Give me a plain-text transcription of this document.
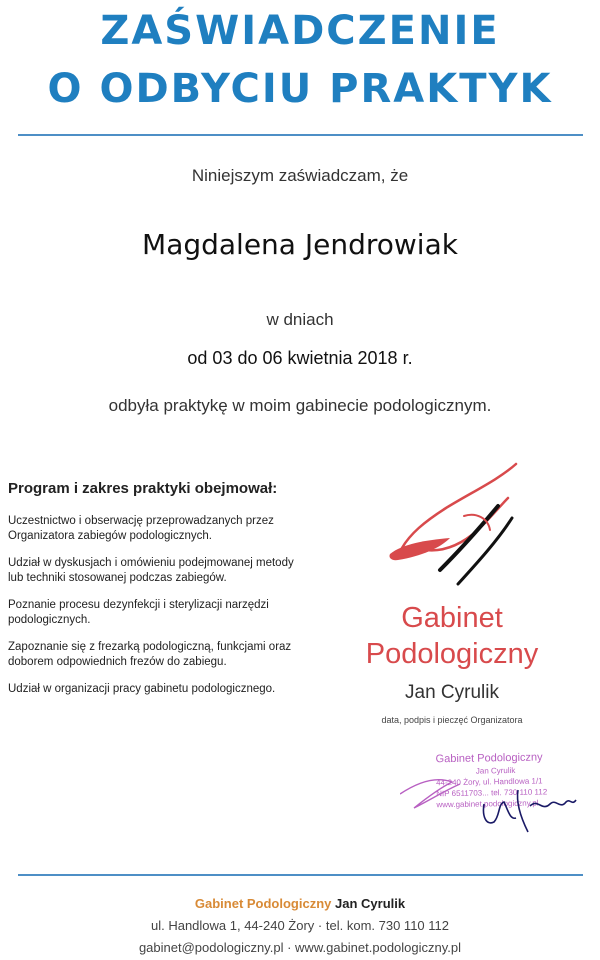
ZAŚWIADCZENIE
O ODBYCIU PRAKTYK
Niniejszym zaświadczam, że
Magdalena Jendrowiak
w dniach
od 03 do 06 kwietnia 2018 r.
odbyła praktykę w moim gabinecie podologicznym.
Program i zakres praktyki obejmował:
Uczestnictwo i obserwację przeprowadzanych przez Organizatora zabiegów podologicznych.
Udział w dyskusjach i omówieniu podejmowanej metody lub techniki stosowanej podczas zabiegów.
Poznanie procesu dezynfekcji i sterylizacji narzędzi podologicznych.
Zapoznanie się z frezarką podologiczną, funkcjami oraz doborem odpowiednich frezów do zabiegu.
Udział w organizacji pracy gabinetu podologicznego.
Gabinet
Podologiczny
Jan Cyrulik
data, podpis i pieczęć Organizatora
Gabinet Podologiczny
Jan Cyrulik
44-240 Żory, ul. Handlowa 1/1
NIP 6511703... tel. 730 110 112
www.gabinet.podologiczny.pl
Gabinet Podologiczny Jan Cyrulik
ul. Handlowa 1, 44-240 Żory · tel. kom. 730 110 112
gabinet@podologiczny.pl · www.gabinet.podologiczny.pl
